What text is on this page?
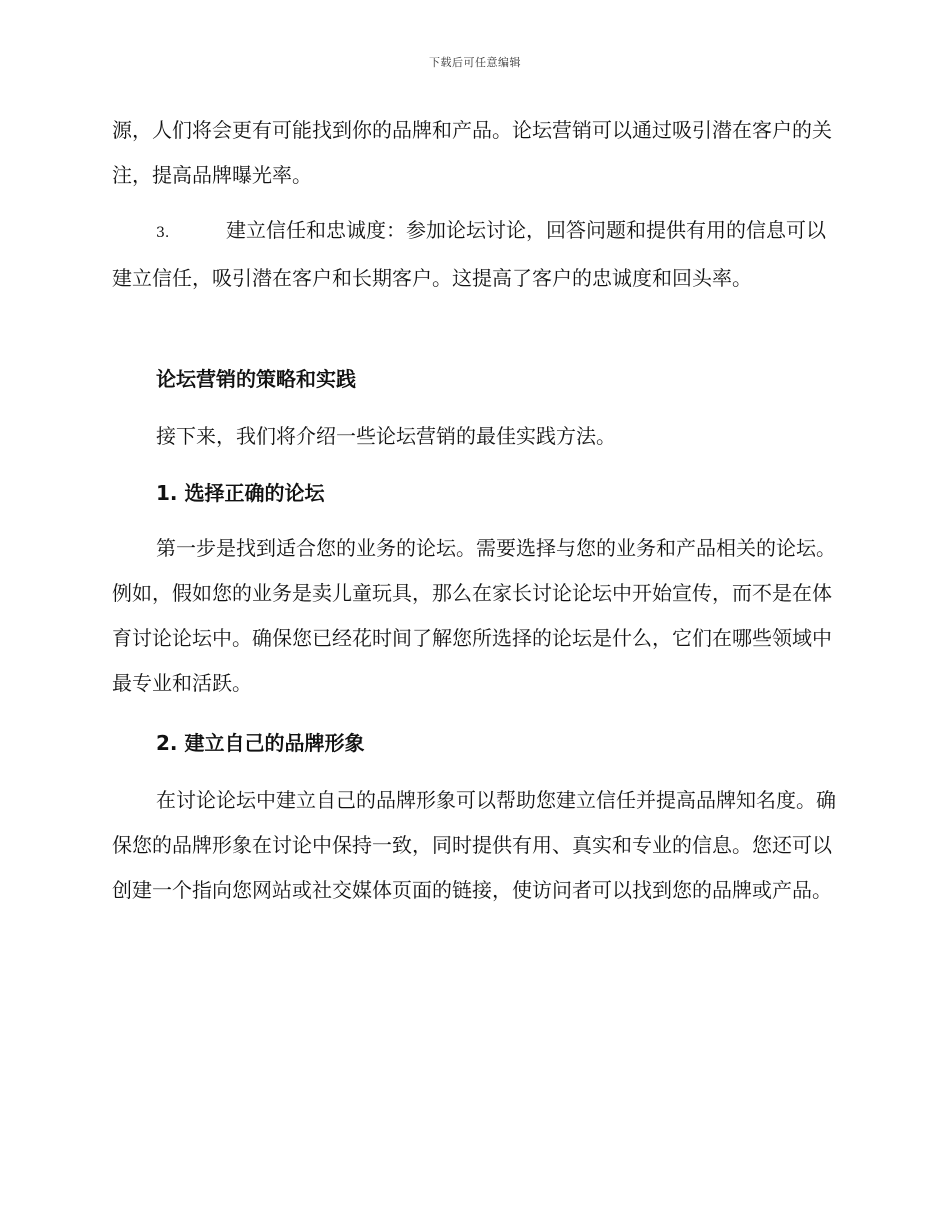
下载后可任意编辑

源，人们将会更有可能找到你的品牌和产品。论坛营销可以通过吸引潜在客户的关注，提高品牌曝光率。

3.	建立信任和忠诚度：参加论坛讨论，回答问题和提供有用的信息可以建立信任，吸引潜在客户和长期客户。这提高了客户的忠诚度和回头率。

论坛营销的策略和实践

接下来，我们将介绍一些论坛营销的最佳实践方法。

1. 选择正确的论坛

第一步是找到适合您的业务的论坛。需要选择与您的业务和产品相关的论坛。例如，假如您的业务是卖儿童玩具，那么在家长讨论论坛中开始宣传，而不是在体育讨论论坛中。确保您已经花时间了解您所选择的论坛是什么，它们在哪些领域中最专业和活跃。

2. 建立自己的品牌形象

在讨论论坛中建立自己的品牌形象可以帮助您建立信任并提高品牌知名度。确保您的品牌形象在讨论中保持一致，同时提供有用、真实和专业的信息。您还可以创建一个指向您网站或社交媒体页面的链接，使访问者可以找到您的品牌或产品。
